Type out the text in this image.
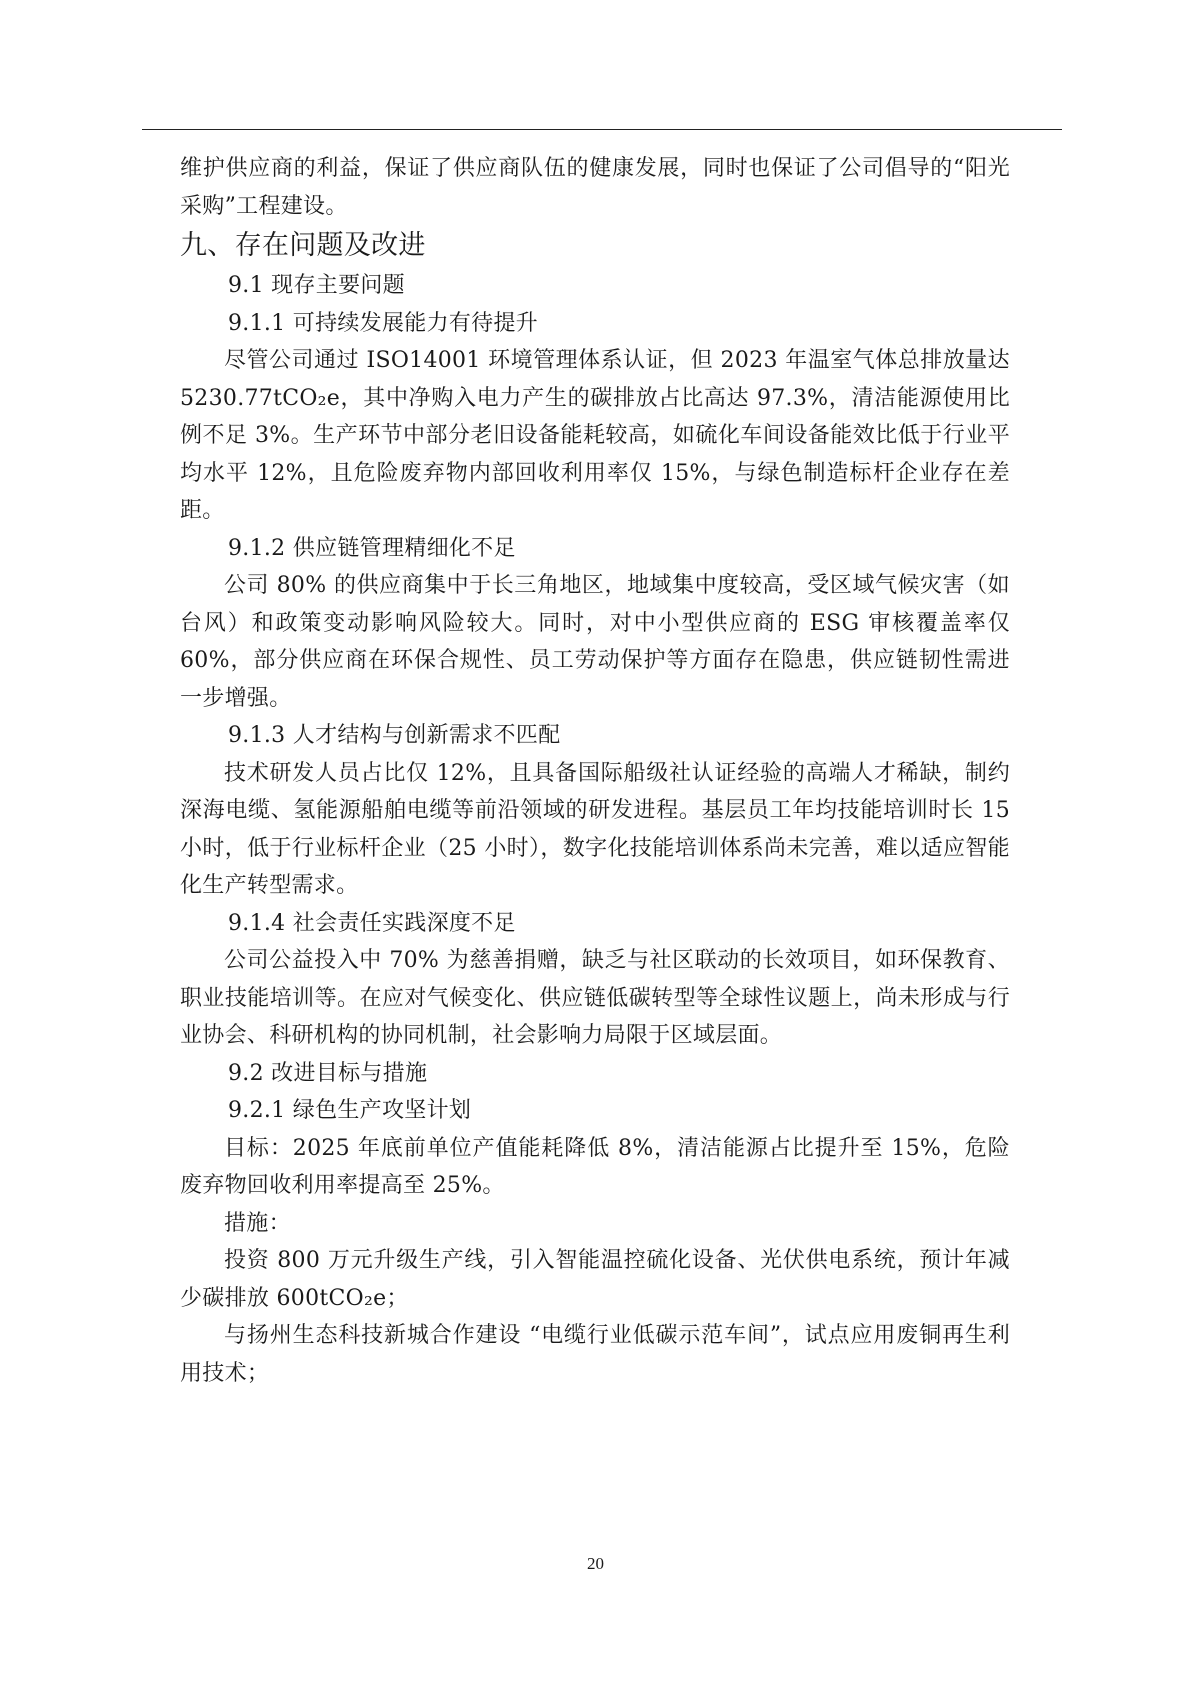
维护供应商的利益，保证了供应商队伍的健康发展，同时也保证了公司倡导的“阳光采购”工程建设。

九、存在问题及改进

9.1 现存主要问题

9.1.1 可持续发展能力有待提升

尽管公司通过 ISO14001 环境管理体系认证，但 2023 年温室气体总排放量达 5230.77tCO₂e，其中净购入电力产生的碳排放占比高达 97.3%，清洁能源使用比例不足 3%。生产环节中部分老旧设备能耗较高，如硫化车间设备能效比低于行业平均水平 12%，且危险废弃物内部回收利用率仅 15%，与绿色制造标杆企业存在差距。

9.1.2 供应链管理精细化不足

公司 80% 的供应商集中于长三角地区，地域集中度较高，受区域气候灾害（如台风）和政策变动影响风险较大。同时，对中小型供应商的 ESG 审核覆盖率仅 60%，部分供应商在环保合规性、员工劳动保护等方面存在隐患，供应链韧性需进一步增强。

9.1.3 人才结构与创新需求不匹配

技术研发人员占比仅 12%，且具备国际船级社认证经验的高端人才稀缺，制约深海电缆、氢能源船舶电缆等前沿领域的研发进程。基层员工年均技能培训时长 15 小时，低于行业标杆企业（25 小时），数字化技能培训体系尚未完善，难以适应智能化生产转型需求。

9.1.4 社会责任实践深度不足

公司公益投入中 70% 为慈善捐赠，缺乏与社区联动的长效项目，如环保教育、职业技能培训等。在应对气候变化、供应链低碳转型等全球性议题上，尚未形成与行业协会、科研机构的协同机制，社会影响力局限于区域层面。

9.2 改进目标与措施

9.2.1 绿色生产攻坚计划

目标：2025 年底前单位产值能耗降低 8%，清洁能源占比提升至 15%，危险废弃物回收利用率提高至 25%。

措施：

投资 800 万元升级生产线，引入智能温控硫化设备、光伏供电系统，预计年减少碳排放 600tCO₂e；

与扬州生态科技新城合作建设 “电缆行业低碳示范车间”，试点应用废铜再生利用技术；

20
